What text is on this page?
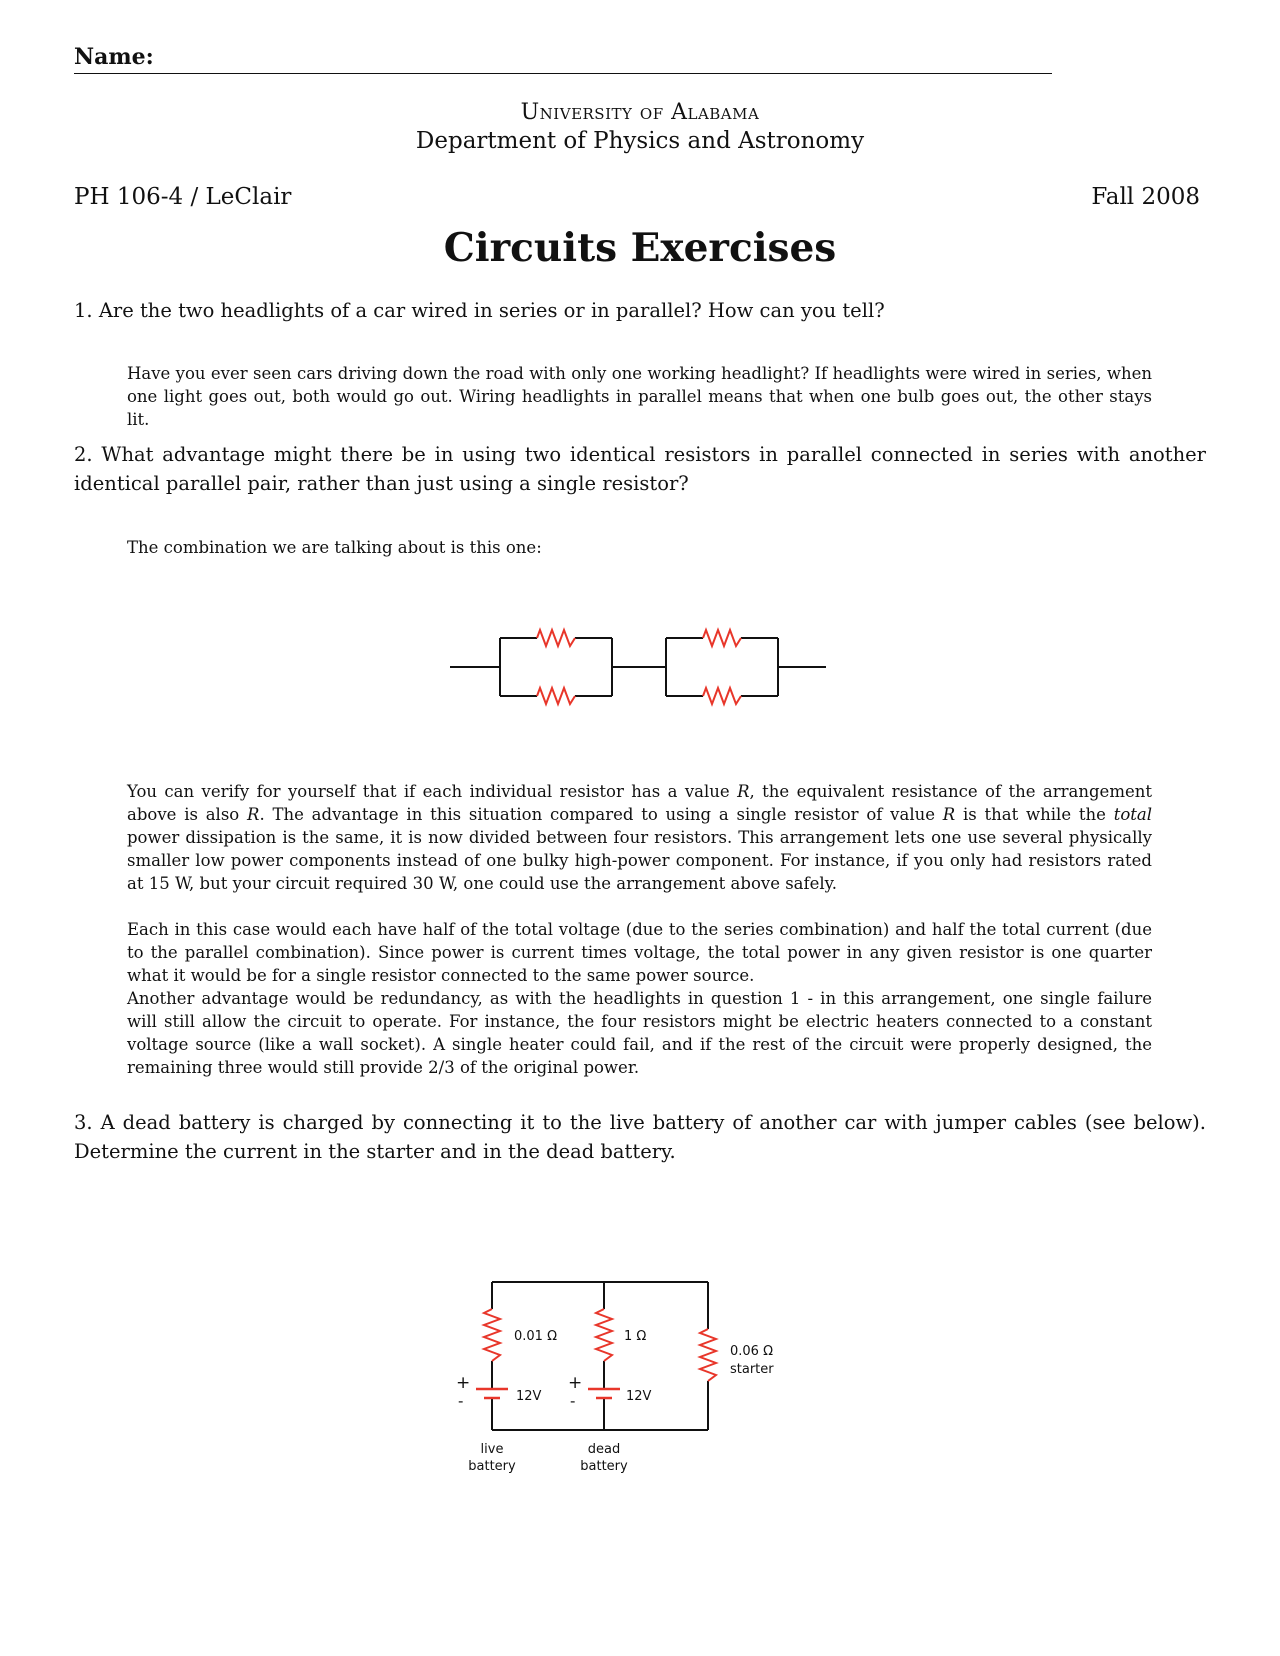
Name:
University of Alabama
Department of Physics and Astronomy
PH 106-4 / LeClair	Fall 2008
Circuits Exercises
1. Are the two headlights of a car wired in series or in parallel? How can you tell?

Have you ever seen cars driving down the road with only one working headlight? If headlights were wired in series, when one light goes out, both would go out. Wiring headlights in parallel means that when one bulb goes out, the other stays lit.

2. What advantage might there be in using two identical resistors in parallel connected in series with another identical parallel pair, rather than just using a single resistor?

The combination we are talking about is this one:

You can verify for yourself that if each individual resistor has a value R, the equivalent resistance of the arrangement above is also R. The advantage in this situation compared to using a single resistor of value R is that while the total power dissipation is the same, it is now divided between four resistors. This arrangement lets one use several physically smaller low power components instead of one bulky high-power component. For instance, if you only had resistors rated at 15 W, but your circuit required 30 W, one could use the arrangement above safely.

Each in this case would each have half of the total voltage (due to the series combination) and half the total current (due to the parallel combination). Since power is current times voltage, the total power in any given resistor is one quarter what it would be for a single resistor connected to the same power source.

Another advantage would be redundancy, as with the headlights in question 1 - in this arrangement, one single failure will still allow the circuit to operate. For instance, the four resistors might be electric heaters connected to a constant voltage source (like a wall socket). A single heater could fail, and if the rest of the circuit were properly designed, the remaining three would still provide 2/3 of the original power.

3. A dead battery is charged by connecting it to the live battery of another car with jumper cables (see below). Determine the current in the starter and in the dead battery.
0.01 Ω	1 Ω
0.06 Ω
starter
12V	12V
+
-
+
-
live
battery
dead
battery
